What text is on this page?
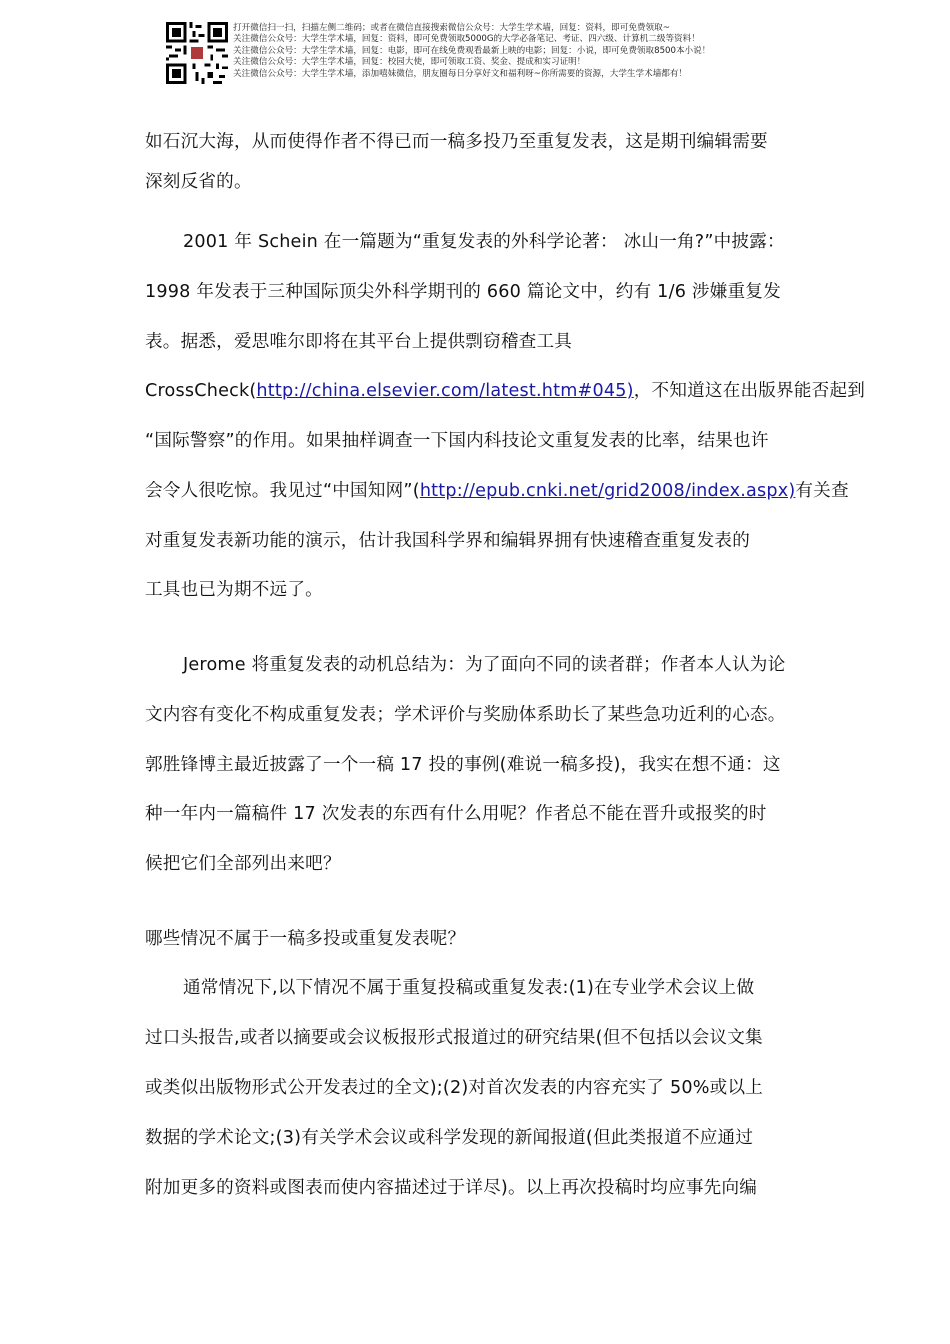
打开微信扫一扫，扫描左侧二维码；或者在微信直接搜索微信公众号：大学生学术墙，回复：资料，即可免费领取~
关注微信公众号：大学生学术墙，回复：资料，即可免费领取5000G的大学必备笔记、考证、四六级、计算机二级等资料！
关注微信公众号：大学生学术墙，回复：电影，即可在线免费观看最新上映的电影；回复：小说，即可免费领取8500本小说！
关注微信公众号：大学生学术墙，回复：校园大使，即可领取工资、奖金、提成和实习证明！
关注微信公众号：大学生学术墙，添加嘻妹微信，朋友圈每日分享好文和福利呀~你所需要的资源，大学生学术墙都有！
如石沉大海，从而使得作者不得已而一稿多投乃至重复发表，这是期刊编辑需要
深刻反省的。
2001 年 Schein 在一篇题为“重复发表的外科学论著： 冰山一角?”中披露：
1998 年发表于三种国际顶尖外科学期刊的 660 篇论文中，约有 1/6 涉嫌重复发
表。据悉，爱思唯尔即将在其平台上提供剽窃稽查工具
CrossCheck(http://china.elsevier.com/latest.htm#045)，不知道这在出版界能否起到
“国际警察”的作用。如果抽样调查一下国内科技论文重复发表的比率，结果也许
会令人很吃惊。我见过“中国知网”(http://epub.cnki.net/grid2008/index.aspx)有关查
对重复发表新功能的演示，估计我国科学界和编辑界拥有快速稽查重复发表的
工具也已为期不远了。
Jerome 将重复发表的动机总结为：为了面向不同的读者群；作者本人认为论
文内容有变化不构成重复发表；学术评价与奖励体系助长了某些急功近利的心态。
郭胜锋博主最近披露了一个一稿 17 投的事例(难说一稿多投)，我实在想不通：这
种一年内一篇稿件 17 次发表的东西有什么用呢？作者总不能在晋升或报奖的时
候把它们全部列出来吧？
哪些情况不属于一稿多投或重复发表呢？
通常情况下,以下情况不属于重复投稿或重复发表:(1)在专业学术会议上做
过口头报告,或者以摘要或会议板报形式报道过的研究结果(但不包括以会议文集
或类似出版物形式公开发表过的全文);(2)对首次发表的内容充实了 50%或以上
数据的学术论文;(3)有关学术会议或科学发现的新闻报道(但此类报道不应通过
附加更多的资料或图表而使内容描述过于详尽)。以上再次投稿时均应事先向编
